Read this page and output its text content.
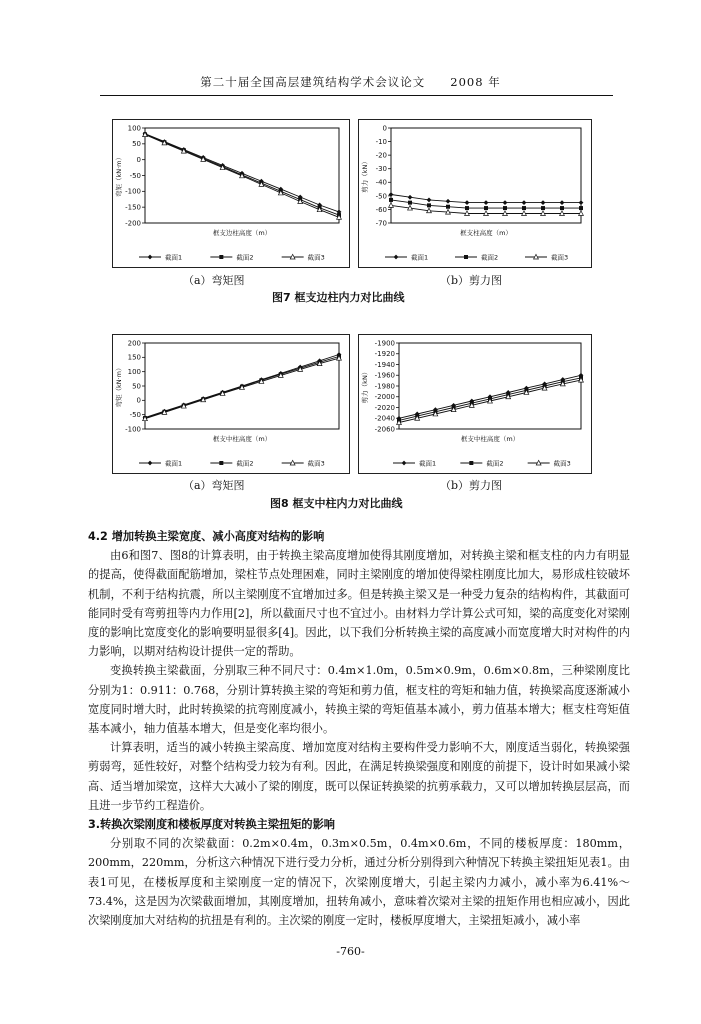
第二十届全国高层建筑结构学术会议论文　　2008 年
100
50
0
-50
-100
-150
-200
弯矩（kN·m）
框支边柱高度（m）
截面1	截面2	截面3
0
-10
-20
-30
-40
-50
-60
-70
剪力（kN）
框支柱高度（m）
截面1	截面2	截面3
（a）弯矩图	（b）剪力图
图7 框支边柱内力对比曲线
200
150
100
50
0
-50
-100
弯矩（kN·m）
框支中柱高度（m）
截面1	截面2	截面3
-1900
-1920
-1940
-1960
-1980
-2000
-2020
-2040
-2060
剪力（kN）
框支中柱高度（m）
截面1	截面2	截面3
（a）弯矩图	（b）剪力图
图8 框支中柱内力对比曲线
4.2 增加转换主梁宽度、减小高度对结构的影响

由6和图7、图8的计算表明，由于转换主梁高度增加使得其刚度增加，对转换主梁和框支柱的内力有明显的提高，使得截面配筋增加，梁柱节点处理困难，同时主梁刚度的增加使得梁柱刚度比加大，易形成柱铰破坏机制，不利于结构抗震，所以主梁刚度不宜增加过多。但是转换主梁又是一种受力复杂的结构构件，其截面可能同时受有弯剪扭等内力作用[2]，所以截面尺寸也不宜过小。由材料力学计算公式可知，梁的高度变化对梁刚度的影响比宽度变化的影响要明显很多[4]。因此，以下我们分析转换主梁的高度减小而宽度增大时对构件的内力影响，以期对结构设计提供一定的帮助。

变换转换主梁截面，分别取三种不同尺寸：0.4m×1.0m，0.5m×0.9m，0.6m×0.8m，三种梁刚度比分别为1：0.911：0.768，分别计算转换主梁的弯矩和剪力值，框支柱的弯矩和轴力值，转换梁高度逐渐减小宽度同时增大时，此时转换梁的抗弯刚度减小，转换主梁的弯矩值基本减小，剪力值基本增大；框支柱弯矩值基本减小，轴力值基本增大，但是变化率均很小。

计算表明，适当的减小转换主梁高度、增加宽度对结构主要构件受力影响不大，刚度适当弱化，转换梁强剪弱弯，延性较好，对整个结构受力较为有利。因此，在满足转换梁强度和刚度的前提下，设计时如果减小梁高、适当增加梁宽，这样大大减小了梁的刚度，既可以保证转换梁的抗剪承载力，又可以增加转换层层高，而且进一步节约工程造价。

3.转换次梁刚度和楼板厚度对转换主梁扭矩的影响

分别取不同的次梁截面：0.2m×0.4m，0.3m×0.5m，0.4m×0.6m，不同的楼板厚度：180mm，200mm，220mm，分析这六种情况下进行受力分析，通过分析分别得到六种情况下转换主梁扭矩见表1。由表1可见，在楼板厚度和主梁刚度一定的情况下，次梁刚度增大，引起主梁内力减小，减小率为6.41%～73.4%，这是因为次梁截面增加，其刚度增加，扭转角减小，意味着次梁对主梁的扭矩作用也相应减小，因此次梁刚度加大对结构的抗扭是有利的。主次梁的刚度一定时，楼板厚度增大，主梁扭矩减小，减小率

-760-
